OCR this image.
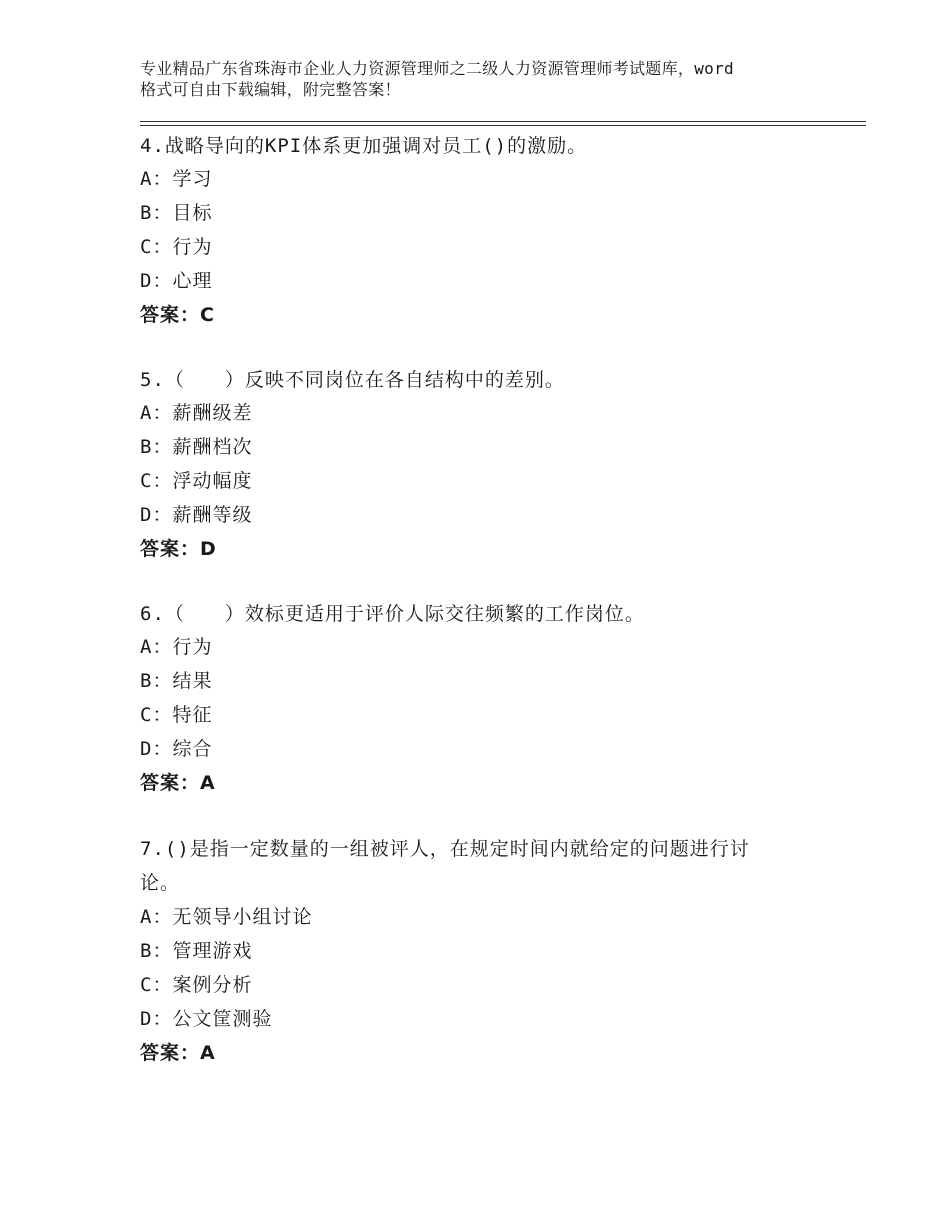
专业精品广东省珠海市企业人力资源管理师之二级人力资源管理师考试题库，word
格式可自由下载编辑，附完整答案！
4.战略导向的KPI体系更加强调对员工()的激励。
A：学习
B：目标
C：行为
D：心理
答案：C
5.（　　）反映不同岗位在各自结构中的差别。
A：薪酬级差
B：薪酬档次
C：浮动幅度
D：薪酬等级
答案：D
6.（　　）效标更适用于评价人际交往频繁的工作岗位。
A：行为
B：结果
C：特征
D：综合
答案：A
7.()是指一定数量的一组被评人，在规定时间内就给定的问题进行讨
论。
A：无领导小组讨论
B：管理游戏
C：案例分析
D：公文筐测验
答案：A
